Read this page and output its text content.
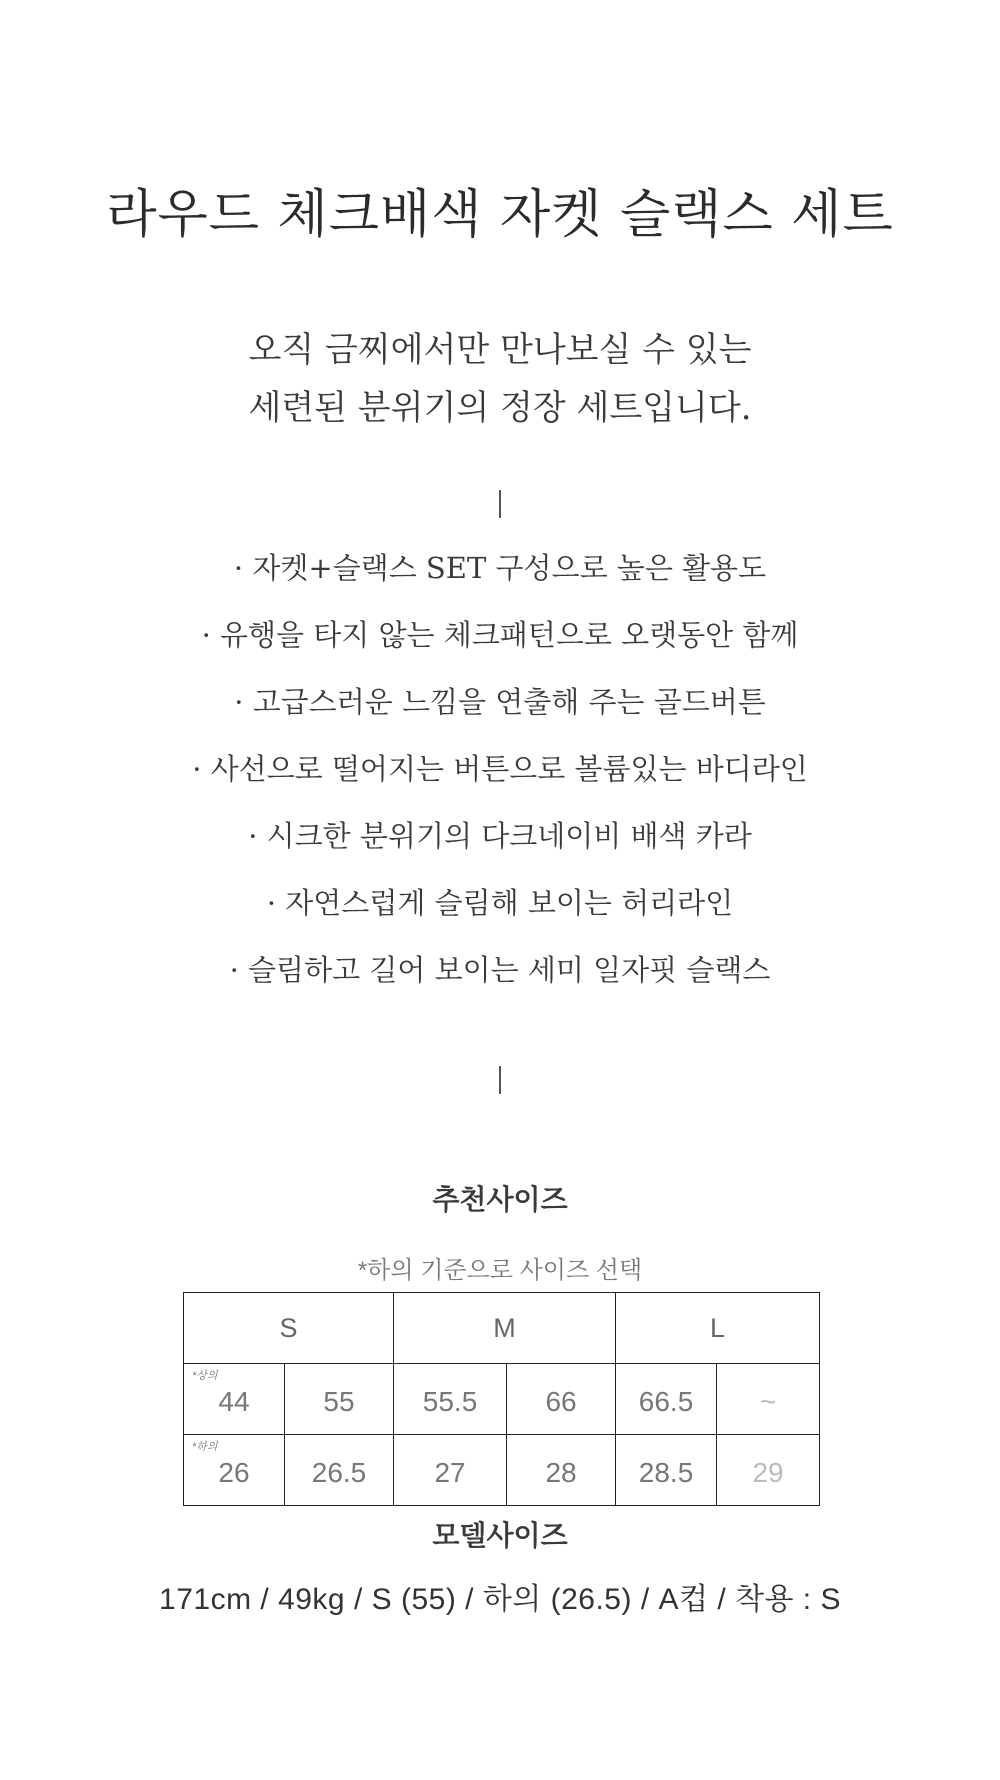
라우드 체크배색 자켓 슬랙스 세트
오직 금찌에서만 만나보실 수 있는
세련된 분위기의 정장 세트입니다.
· 자켓+슬랙스 SET 구성으로 높은 활용도
· 유행을 타지 않는 체크패턴으로 오랫동안 함께
· 고급스러운 느낌을 연출해 주는 골드버튼
· 사선으로 떨어지는 버튼으로 볼륨있는 바디라인
· 시크한 분위기의 다크네이비 배색 카라
· 자연스럽게 슬림해 보이는 허리라인
· 슬림하고 길어 보이는 세미 일자핏 슬랙스
추천사이즈
*하의 기준으로 사이즈 선택
S		M		L	

*상의
44	55	55.5	66	66.5	~

*하의
26	26.5	27	28	28.5	29
모델사이즈
171cm / 49kg / S (55) / 하의 (26.5) / A컵 / 착용 : S
